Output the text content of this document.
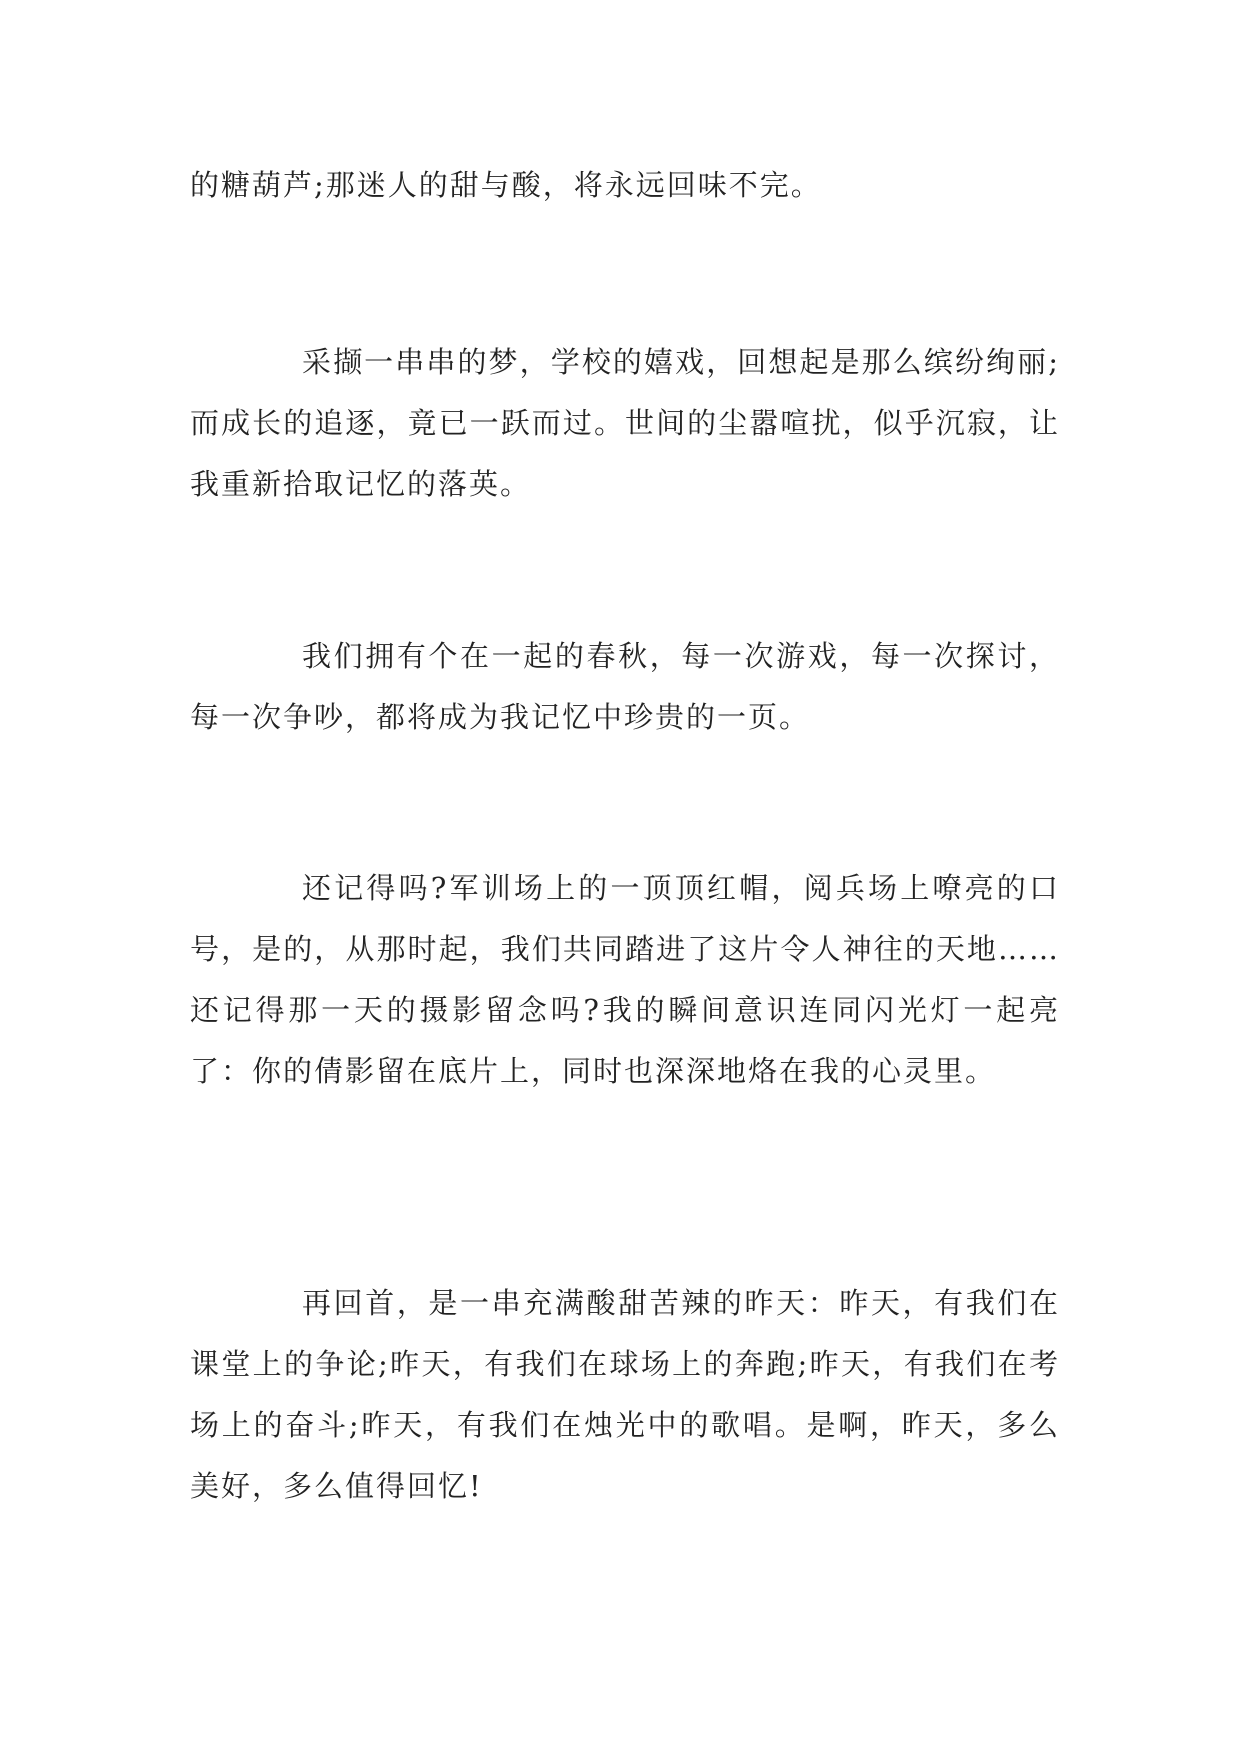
的糖葫芦;那迷人的甜与酸，将永远回味不完。

采撷一串串的梦，学校的嬉戏，回想起是那么缤纷绚丽;而成长的追逐，竟已一跃而过。世间的尘嚣喧扰，似乎沉寂，让我重新拾取记忆的落英。

我们拥有个在一起的春秋，每一次游戏，每一次探讨，每一次争吵，都将成为我记忆中珍贵的一页。

还记得吗?军训场上的一顶顶红帽，阅兵场上嘹亮的口号，是的，从那时起，我们共同踏进了这片令人神往的天地……还记得那一天的摄影留念吗?我的瞬间意识连同闪光灯一起亮了：你的倩影留在底片上，同时也深深地烙在我的心灵里。

再回首，是一串充满酸甜苦辣的昨天：昨天，有我们在课堂上的争论;昨天，有我们在球场上的奔跑;昨天，有我们在考场上的奋斗;昨天，有我们在烛光中的歌唱。是啊，昨天，多么美好，多么值得回忆!
